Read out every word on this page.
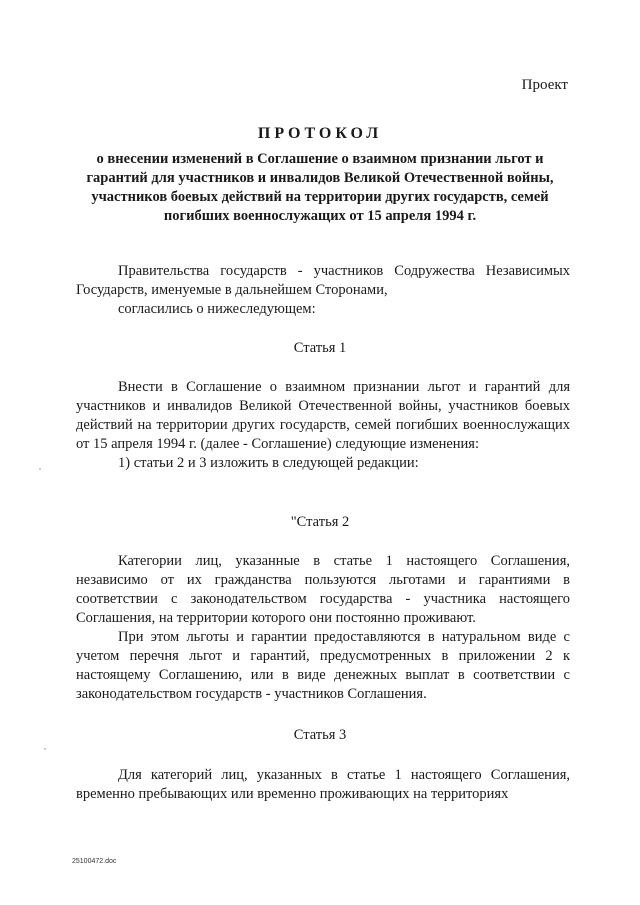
Проект
ПРОТОКОЛ
о внесении изменений в Соглашение о взаимном признании льгот и гарантий для участников и инвалидов Великой Отечественной войны, участников боевых действий на территории других государств, семей погибших военнослужащих от 15 апреля 1994 г.

Правительства государств - участников Содружества Независимых Государств, именуемые в дальнейшем Сторонами,

согласились о нижеследующем:

Статья 1

Внести в Соглашение о взаимном признании льгот и гарантий для участников и инвалидов Великой Отечественной войны, участников боевых действий на территории других государств, семей погибших военнослужащих от 15 апреля 1994 г. (далее - Соглашение) следующие изменения:

1) статьи 2 и 3 изложить в следующей редакции:

"Статья 2

Категории лиц, указанные в статье 1 настоящего Соглашения, независимо от их гражданства пользуются льготами и гарантиями в соответствии с законодательством государства - участника настоящего Соглашения, на территории которого они постоянно проживают.

При этом льготы и гарантии предоставляются в натуральном виде с учетом перечня льгот и гарантий, предусмотренных в приложении 2 к настоящему Соглашению, или в виде денежных выплат в соответствии с законодательством государств - участников Соглашения.

Статья 3

Для категорий лиц, указанных в статье 1 настоящего Соглашения, временно пребывающих или временно проживающих на территориях

25100472.doc
